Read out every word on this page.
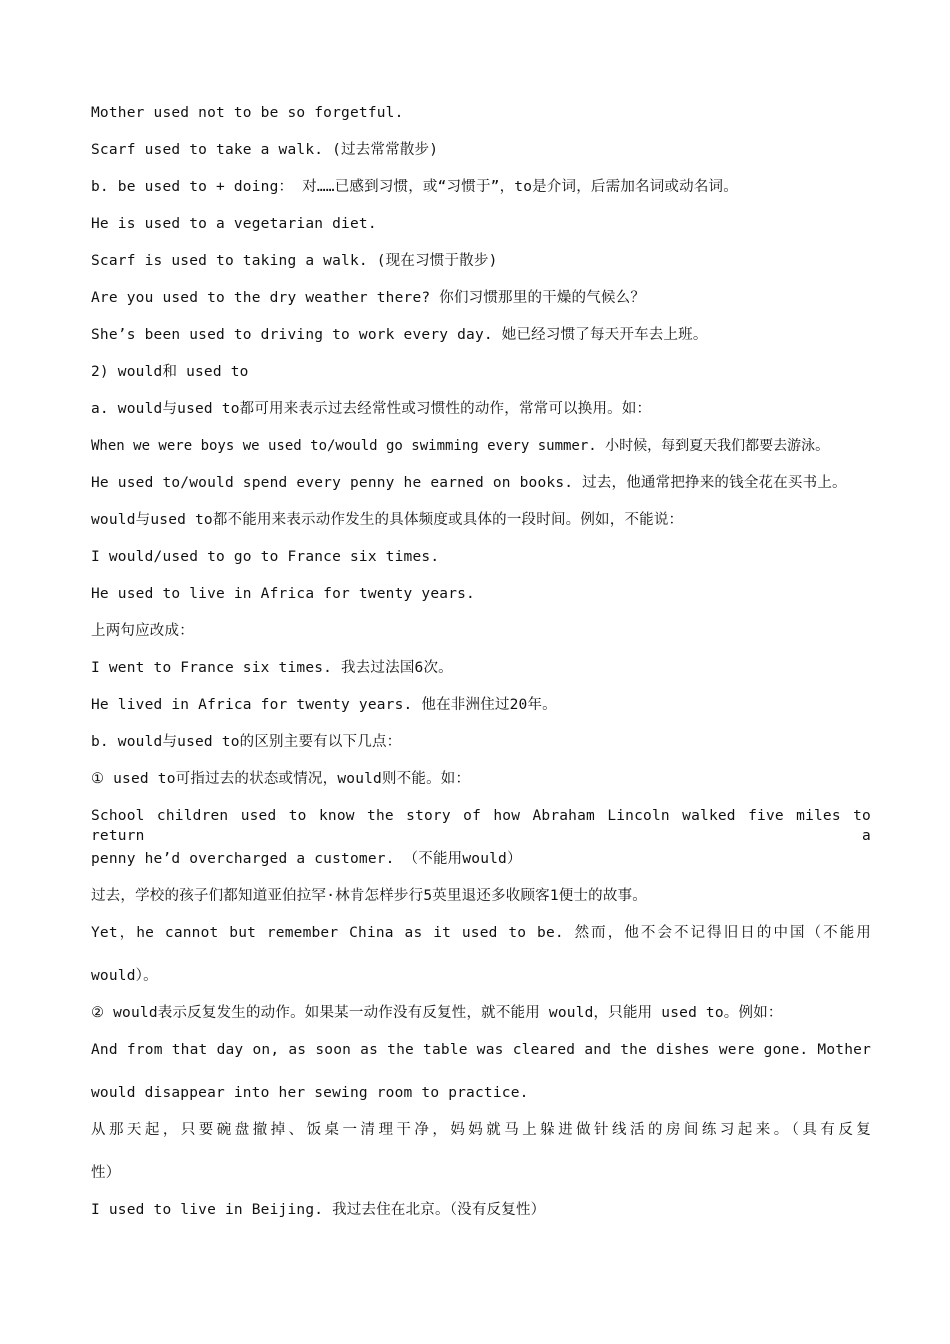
Mother used not to be so forgetful.
Scarf used to take a walk. (过去常常散步)
b. be used to + doing： 对……已感到习惯，或“习惯于”，to是介词，后需加名词或动名词。
He is used to a vegetarian diet.
Scarf is used to taking a walk. (现在习惯于散步)
Are you used to the dry weather there? 你们习惯那里的干燥的气候么？
She’s been used to driving to work every day. 她已经习惯了每天开车去上班。
2) would和 used to
a. would与used to都可用来表示过去经常性或习惯性的动作，常常可以换用。如：
When we were boys we used to/would go swimming every summer. 小时候，每到夏天我们都要去游泳。
He used to/would spend every penny he earned on books. 过去，他通常把挣来的钱全花在买书上。
would与used to都不能用来表示动作发生的具体频度或具体的一段时间。例如，不能说：
I would/used to go to France six times.
He used to live in Africa for twenty years.
上两句应改成：
I went to France six times. 我去过法国6次。
He lived in Africa for twenty years. 他在非洲住过20年。
b. would与used to的区别主要有以下几点：
① used to可指过去的状态或情况，would则不能。如：
School children used to know the story of how Abraham Lincoln walked five miles to return a
penny he’d overcharged a customer. （不能用would）
过去，学校的孩子们都知道亚伯拉罕·林肯怎样步行5英里退还多收顾客1便士的故事。
Yet，he cannot but remember China as it used to be. 然而，他不会不记得旧日的中国（不能用
would）。
② would表示反复发生的动作。如果某一动作没有反复性，就不能用 would，只能用 used to。例如：
And from that day on, as soon as the table was cleared and the dishes were gone. Mother
would disappear into her sewing room to practice.
从那天起，只要碗盘撤掉、饭桌一清理干净，妈妈就马上躲进做针线活的房间练习起来。（具有反复
性）
I used to live in Beijing. 我过去住在北京。（没有反复性）
